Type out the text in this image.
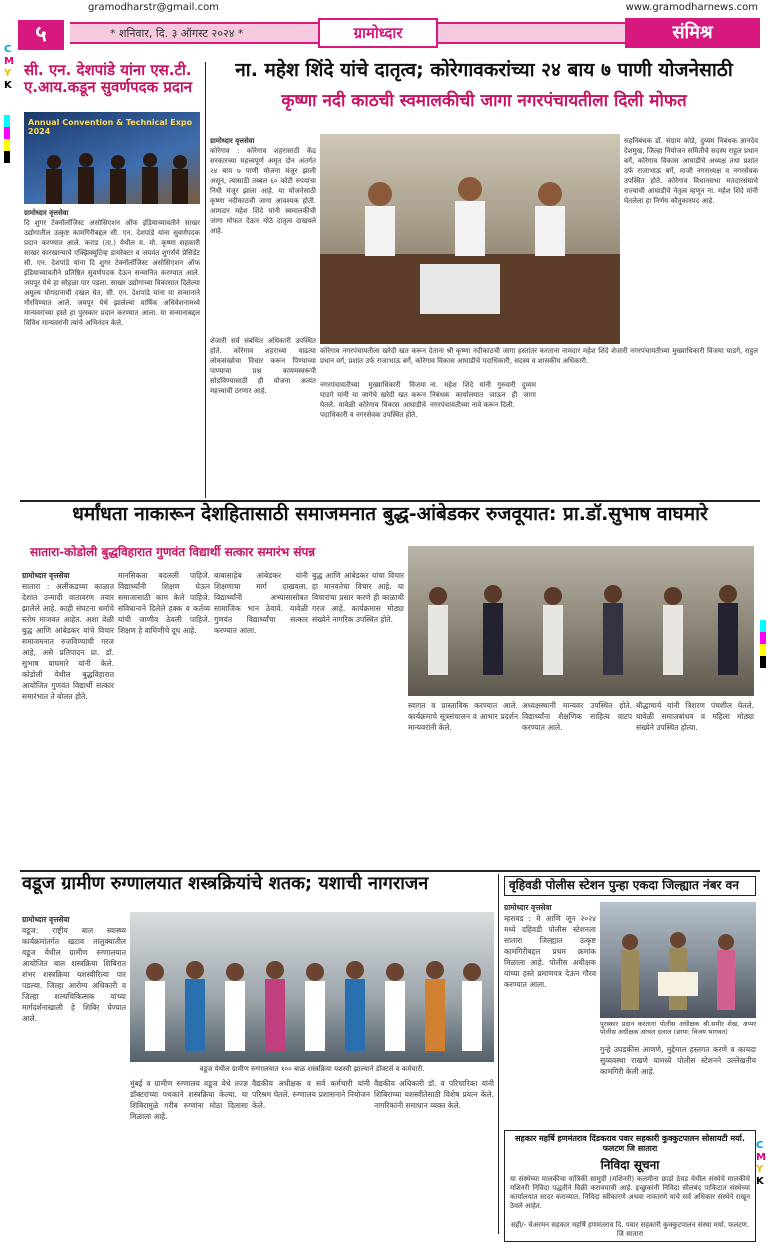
gramodharstr@gmail.com	www.gramodharnews.com
५	* शनिवार, दि. ३ ऑगस्ट २०२४ *	ग्रामोध्दार	संमिश्र
C
M
Y
K
C
M
Y
K
सी. एन. देशपांडे यांना एस.टी. ए.आय.कडून सुवर्णपदक प्रदान
Annual Convention & Technical Expo 2024
ग्रामोध्दार वृत्तसेवा
दि शुगर टेक्नॉलॉजिस्ट असोसिएशन ऑफ इंडियाच्यावतीने साखर उद्योगातील उत्कृष्ट कामगिरीबद्दल सी. एन. देशपांडे यांना सुवर्णपदक प्रदान करण्यात आले. कराड (ता.) येथील य. मो. कृष्णा सहकारी साखर कारखान्याचे एक्झिक्युटिव्ह डायरेक्टर व जयवंत शुगर्सचे प्रेसिडेंट सी. एन. देशपांडे यांना दि शुगर टेक्नॉलॉजिस्ट असोसिएशन ऑफ इंडियाच्यावतीने प्रतिष्ठित सुवर्णपदक देऊन सन्मानित करण्यात आले. जयपूर येथे हा सोहळा पार पडला. साखर उद्योगाच्या विकासात दिलेल्या अमूल्य योगदानाची दखल घेत, सी. एन. देशपांडे यांना या सन्मानाने गौरविण्यात आले. जयपूर येथे झालेल्या वार्षिक अधिवेशनामध्ये मान्यवरांच्या हस्ते हा पुरस्कार प्रदान करण्यात आला. या सन्मानाबद्दल विविध मान्यवरांनी त्यांचे अभिनंदन केले.
ना. महेश शिंदे यांचे दातृत्व; कोरेगावकरांच्या २४ बाय ७ पाणी योजनेसाठी
कृष्णा नदी काठची स्वमालकीची जागा नगरपंचायतीला दिली मोफत
ग्रामोध्दार वृत्तसेवा
कोरेगाव : कोरेगाव शहरासाठी केंद्र सरकारच्या महत्त्वपूर्ण अमृत दोन अंतर्गत २४ बाय ७ पाणी योजना मंजूर झाली असून, त्यासाठी तब्बल ६० कोटी रुपयांचा निधी मंजूर झाला आहे. या योजनेसाठी कृष्णा नदीकाठची जागा आवश्यक होती. आमदार महेश शिंदे यांनी स्वमालकीची जागा मोफत देऊन मोठे दातृत्व दाखवले आहे.
सहनिबंधक डॉ. संग्राम कोडे, दुय्यम निबंधक ज्ञानदेव देशमुख, जिल्हा नियोजन समितीचे सदस्य राहुल प्रधान बर्गे, कोरेगाव विकास आघाडीचे अध्यक्ष तथा प्रशांत उर्फ राजाभाऊ बर्गे, माजी नगराध्यक्ष व नगरसेवक उपस्थित होते. कोरेगाव विधानसभा मतदारसंघाचे राज्याची आघाडीचे नेतृत्व म्हणून ना. महेश शिंदे यांनी घेतलेला हा निर्णय कौतुकास्पद आहे.
कोरेगाव नगरपंचायतीला खरेदी खत करून देताना श्री कृष्णा नदीकाठची जागा हस्तांतर करताना नामदार महेश शिंदे शेजारी नगरपंचायतीच्या मुख्याधिकारी विजया घाडगे, राहुल प्रधान वर्ग, प्रशांत उर्फ राजाभाऊ बर्गे, कोरेगाव विकास आघाडीचे पदाधिकारी, सदस्य व शासकीय अधिकारी.
शेजारी सर्व संबंधित अधिकारी उपस्थित होते. कोरेगाव शहराच्या वाढत्या लोकसंख्येचा विचार करून पिण्याच्या पाण्याचा प्रश्न कायमस्वरूपी सोडविण्यासाठी ही योजना अत्यंत महत्त्वाची ठरणार आहे.
नगरपंचायतीच्या मुख्याधिकारी विजया घाडगे यांनी या जागेचे खरेदी खत करून घेतले. यावेळी कोरेगाव विकास आघाडीचे पदाधिकारी व नगरसेवक उपस्थित होते.
ना. महेश शिंदे यांनी गुरुवारी दुय्यम निबंधक कार्यालयात जाऊन ही जागा नगरपंचायतीच्या नावे करून दिली.
धर्मांधता नाकारून देशहितासाठी समाजमनात बुद्ध-आंबेडकर रुजवूयात: प्रा.डॉ.सुभाष वाघमारे
सातारा-कोडोली बुद्धविहारात गुणवंत विद्यार्थी सत्कार समारंभ संपन्न
ग्रामोध्दार वृत्तसेवा
सातारा : अलीकडच्या काळात देशात उन्मादी वातावरण तयार झालेले आहे. काही संघटना धर्माचे स्तोम माजवत आहेत. अशा वेळी बुद्ध आणि आंबेडकर यांचे विचार समाजमनात रुजविण्याची गरज आहे, असे प्रतिपादन प्रा. डॉ. सुभाष वाघमारे यांनी केले. कोडोली येथील बुद्धविहारात आयोजित गुणवंत विद्यार्थी सत्कार समारंभात ते बोलत होते.
मानसिकता बदलली पाहिजे. विद्यार्थ्यांनी शिक्षण घेऊन समाजासाठी काम केले पाहिजे. संविधानाने दिलेले हक्क व कर्तव्य यांची जाणीव ठेवली पाहिजे. शिक्षण हे वाघिणीचे दूध आहे.
बाबासाहेब आंबेडकर यांनी शिक्षणाचा मार्ग दाखवला. विद्यार्थ्यांनी अभ्यासासोबत सामाजिक भान ठेवावे. यावेळी गुणवंत विद्यार्थ्यांचा सत्कार करण्यात आला.
बुद्ध आणि आंबेडकर यांचा विचार हा मानवतेचा विचार आहे. या विचारांचा प्रसार करणे ही काळाची गरज आहे. कार्यक्रमास मोठ्या संख्येने नागरिक उपस्थित होते.
स्वागत व प्रास्ताविक करण्यात आले. कार्यक्रमाचे सूत्रसंचालन व आभार प्रदर्शन मान्यवरांनी केले.
अध्यक्षस्थानी मान्यवर उपस्थित होते. विद्यार्थ्यांना शैक्षणिक साहित्य वाटप करण्यात आले.
बौद्धाचार्य यांनी त्रिशरण पंचशील घेतले. यावेळी समाजबांधव व महिला मोठ्या संख्येने उपस्थित होत्या.
वडूज ग्रामीण रुग्णालयात शस्त्रक्रियांचे शतक; यशाची नागराजन
ग्रामोध्दार वृत्तसेवा
वडूज: राष्ट्रीय बाल स्वास्थ्य कार्यक्रमांतर्गत खटाव तालुक्यातील वडूज येथील ग्रामीण रुग्णालयात आयोजित बाल शस्त्रक्रिया शिबिरात शंभर शस्त्रक्रिया यशस्वीरित्या पार पडल्या. जिल्हा आरोग्य अधिकारी व जिल्हा शल्यचिकित्सक यांच्या मार्गदर्शनाखाली हे शिबिर घेण्यात आले.
वडूज येथील ग्रामीण रुग्णालयात १०० बाळ शस्त्रक्रिया यशस्वी झाल्याने डॉक्टर्स व कर्मचारी.
मुंबई व ग्रामीण रुग्णालय वडूज येथे तज्ज्ञ डॉक्टरांच्या पथकाने शस्त्रक्रिया केल्या. या शिबिरामुळे गरीब रुग्णांना मोठा दिलासा मिळाला आहे.
वैद्यकीय अधीक्षक व सर्व कर्मचारी यांनी परिश्रम घेतले. रुग्णालय प्रशासनाने नियोजन केले.
वैद्यकीय अधिकारी डॉ. व परिचारिका यांनी शिबिराच्या यशस्वीतेसाठी विशेष प्रयत्न केले. नागरिकांनी समाधान व्यक्त केले.
वृहिवडी पोलीस स्टेशन पुन्हा एकदा जिल्ह्यात नंबर वन
ग्रामोध्दार वृत्तसेवा
म्हसवड : मे आणि जून २०२४ मध्ये दहिवडी पोलीस स्टेशनला सातारा जिल्ह्यात उत्कृष्ट कामगिरीबद्दल प्रथम क्रमांक मिळाला आहे. पोलीस अधीक्षक यांच्या हस्ते प्रमाणपत्र देऊन गौरव करण्यात आला.
पुरस्कार प्रदान करताना पोलीस अधीक्षक श्री.समीर शेख, अप्पर पोलीस अधीक्षक आंचल दलाल (छाया: विजय भागवत)
गुन्हे उघडकीस आणणे, मुद्देमाल हस्तगत करणे व कायदा सुव्यवस्था राखणे यामध्ये पोलीस स्टेशनने उल्लेखनीय कामगिरी केली आहे.
सहकार महर्षि हणमंतराव दिंडकराव पवार सहकारी कुक्कुटपालन सोसायटी मर्या. फलटण जि सातारा
निविदा सूचना
या संस्थेच्या मालकीचा यांत्रिकी सामुग्री (मशिनरी) कलमीना छाडो ठेवड येथील संस्थेचे मालकीचे मशिनरी निविदा पद्धतीने विक्री करावयाची आहे. इच्छुकांनी निविदा सीलबंद पाकिटात संस्थेच्या कार्यालयात सादर कराव्यात. निविदा स्वीकारणे अथवा नाकारणे याचे सर्व अधिकार संस्थेने राखून ठेवले आहेत.
सही/- चेअरमन सहकार महर्षि हणमंतराव दि. पवार सहकारी कुक्कुटपालन संस्था मर्या. फलटण. जि सातारा
